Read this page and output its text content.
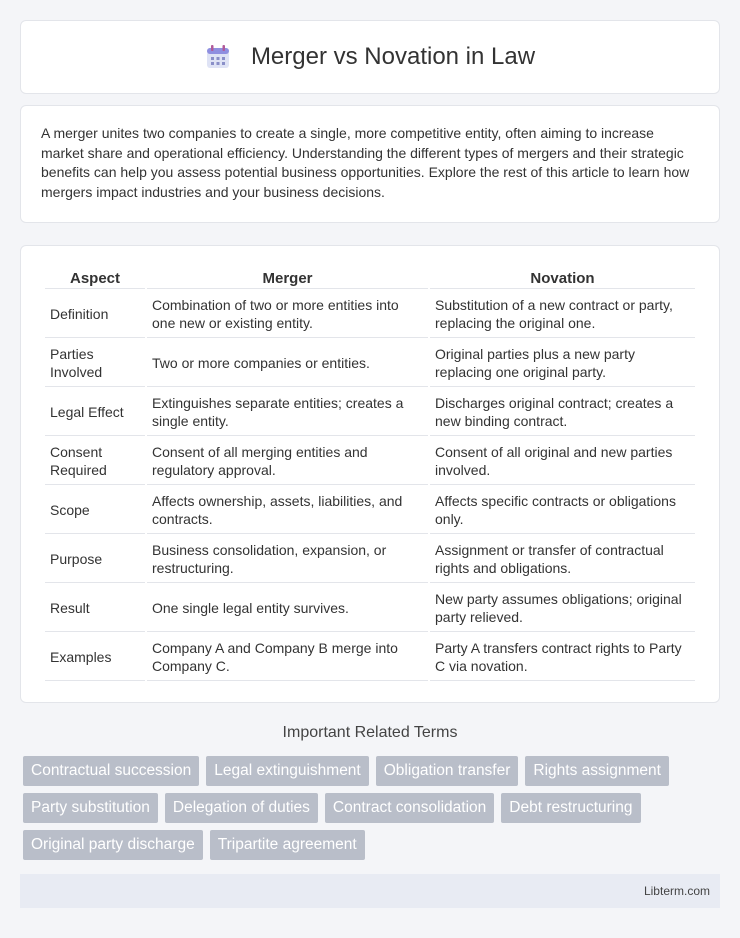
Merger vs Novation in Law

A merger unites two companies to create a single, more competitive entity, often aiming to increase market share and operational efficiency. Understanding the different types of mergers and their strategic benefits can help you assess potential business opportunities. Explore the rest of this article to learn how mergers impact industries and your business decisions.

Aspect	Merger	Novation
Definition	Combination of two or more entities into one new or existing entity.	Substitution of a new contract or party, replacing the original one.
Parties Involved	Two or more companies or entities.	Original parties plus a new party replacing one original party.
Legal Effect	Extinguishes separate entities; creates a single entity.	Discharges original contract; creates a new binding contract.
Consent Required	Consent of all merging entities and regulatory approval.	Consent of all original and new parties involved.
Scope	Affects ownership, assets, liabilities, and contracts.	Affects specific contracts or obligations only.
Purpose	Business consolidation, expansion, or restructuring.	Assignment or transfer of contractual rights and obligations.
Result	One single legal entity survives.	New party assumes obligations; original party relieved.
Examples	Company A and Company B merge into Company C.	Party A transfers contract rights to Party C via novation.
Important Related Terms
Contractual succession	Legal extinguishment	Obligation transfer	Rights assignment
Party substitution	Delegation of duties	Contract consolidation	Debt restructuring
Original party discharge	Tripartite agreement
Libterm.com
